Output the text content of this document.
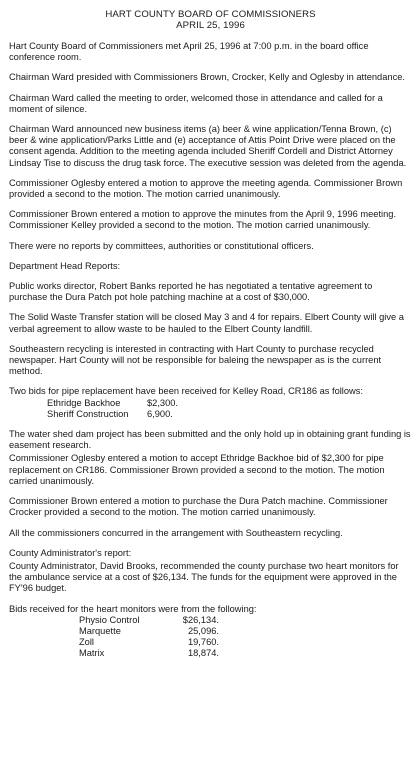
HART COUNTY BOARD OF COMMISSIONERS
APRIL 25, 1996

Hart County Board of Commissioners met April 25, 1996 at 7:00 p.m. in the board office conference room.

Chairman Ward presided with Commissioners Brown, Crocker, Kelly and Oglesby in attendance.

Chairman Ward called the meeting to order, welcomed those in attendance and called for a moment of silence.

Chairman Ward announced new business items (a) beer & wine application/Tenna Brown, (c) beer & wine application/Parks Little and (e) acceptance of Attis Point Drive were placed on the consent agenda. Addition to the meeting agenda included Sheriff Cordell and District Attorney Lindsay Tise to discuss the drug task force. The executive session was deleted from the agenda.

Commissioner Oglesby entered a motion to approve the meeting agenda. Commissioner Brown provided a second to the motion. The motion carried unanimously.

Commissioner Brown entered a motion to approve the minutes from the April 9, 1996 meeting. Commissioner Kelley provided a second to the motion. The motion carried unanimously.

There were no reports by committees, authorities or constitutional officers.

Department Head Reports:

Public works director, Robert Banks reported he has negotiated a tentative agreement to purchase the Dura Patch pot hole patching machine at a cost of $30,000.

The Solid Waste Transfer station will be closed May 3 and 4 for repairs. Elbert County will give a verbal agreement to allow waste to be hauled to the Elbert County landfill.

Southeastern recycling is interested in contracting with Hart County to purchase recycled newspaper. Hart County will not be responsible for baleing the newspaper as is the current method.

Two bids for pipe replacement have been received for Kelley Road, CR186 as follows:

Ethridge Backhoe	$2,300.
Sheriff Construction	6,900.

The water shed dam project has been submitted and the only hold up in obtaining grant funding is easement research.

Commissioner Oglesby entered a motion to accept Ethridge Backhoe bid of $2,300 for pipe replacement on CR186. Commissioner Brown provided a second to the motion. The motion carried unanimously.

Commissioner Brown entered a motion to purchase the Dura Patch machine. Commissioner Crocker provided a second to the motion. The motion carried unanimously.

All the commissioners concurred in the arrangement with Southeastern recycling.

County Administrator's report:

County Administrator, David Brooks, recommended the county purchase two heart monitors for the ambulance service at a cost of $26,134. The funds for the equipment were approved in the FY'96 budget.

Bids received for the heart monitors were from the following:

Physio Control	$26,134.
Marquette	25,096.
Zoll	19,760.
Matrix	18,874.
